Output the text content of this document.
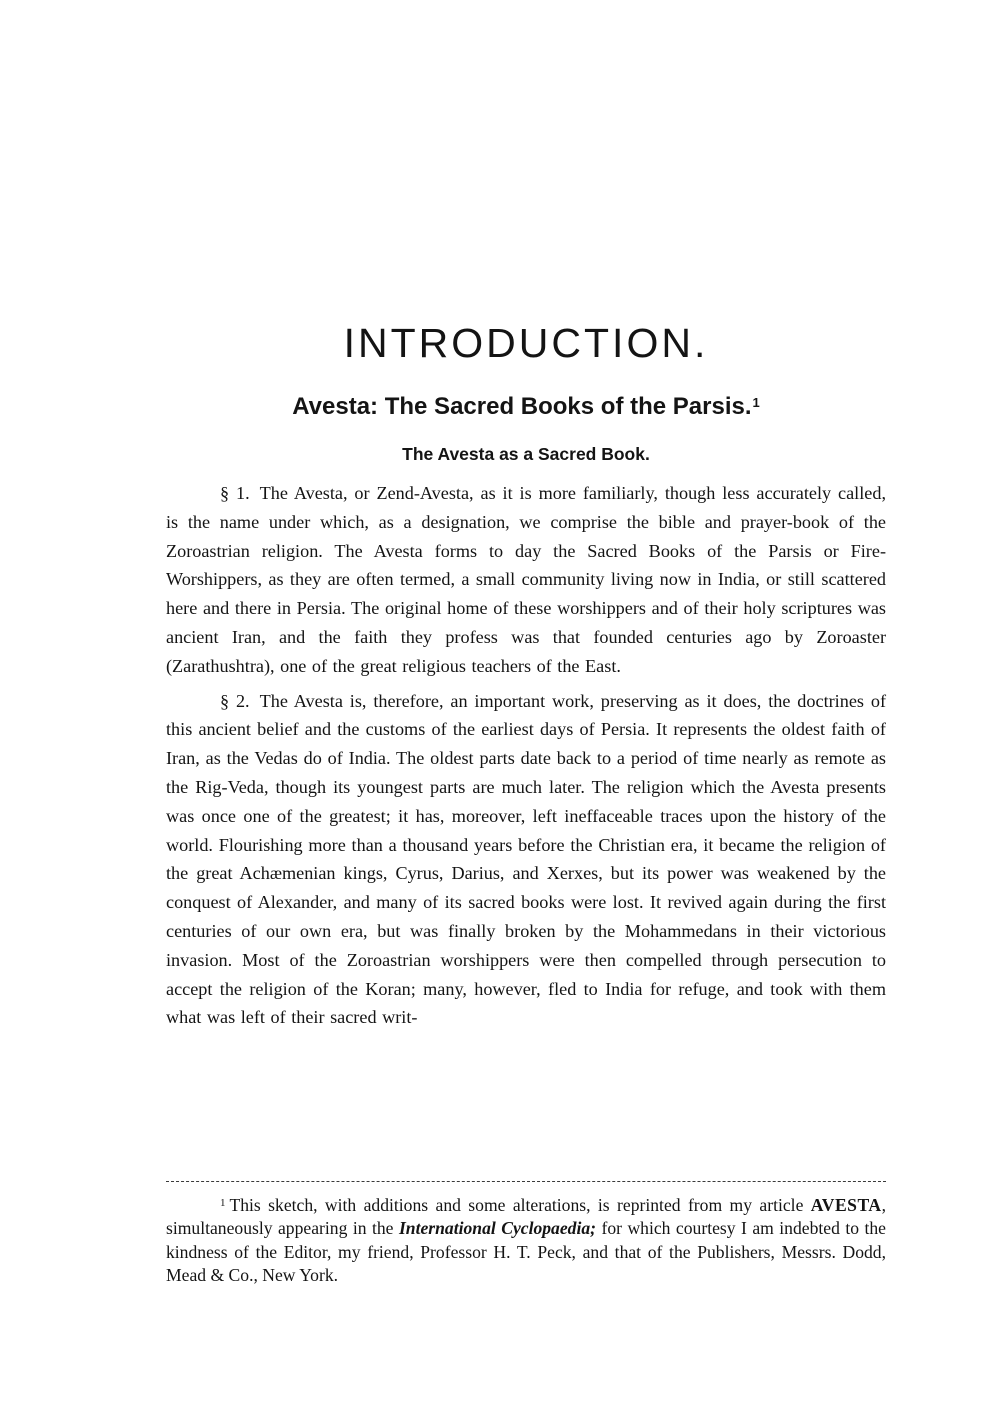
INTRODUCTION.
Avesta: The Sacred Books of the Parsis.$^1$
The Avesta as a Sacred Book.

§ 1. The Avesta, or Zend-Avesta, as it is more familiarly, though less accurately called, is the name under which, as a designation, we comprise the bible and prayer-book of the Zoroastrian religion. The Avesta forms to day the Sacred Books of the Parsis or Fire-Worshippers, as they are often termed, a small community living now in India, or still scattered here and there in Persia. The original home of these worshippers and of their holy scriptures was ancient Iran, and the faith they profess was that founded centuries ago by Zoroaster (Zarathushtra), one of the great religious teachers of the East.

§ 2. The Avesta is, therefore, an important work, preserving as it does, the doctrines of this ancient belief and the customs of the earliest days of Persia. It represents the oldest faith of Iran, as the Vedas do of India. The oldest parts date back to a period of time nearly as remote as the Rig-Veda, though its youngest parts are much later. The religion which the Avesta presents was once one of the greatest; it has, moreover, left ineffaceable traces upon the history of the world. Flourishing more than a thousand years before the Christian era, it became the religion of the great Achæmenian kings, Cyrus, Darius, and Xerxes, but its power was weakened by the conquest of Alexander, and many of its sacred books were lost. It revived again during the first centuries of our own era, but was finally broken by the Mohammedans in their victorious invasion. Most of the Zoroastrian worshippers were then compelled through persecution to accept the religion of the Koran; many, however, fled to India for refuge, and took with them what was left of their sacred writ-

$^1$ This sketch, with additions and some alterations, is reprinted from my article AVESTA, simultaneously appearing in the International Cyclopaedia; for which courtesy I am indebted to the kindness of the Editor, my friend, Professor H. T. Peck, and that of the Publishers, Messrs. Dodd, Mead & Co., New York.
